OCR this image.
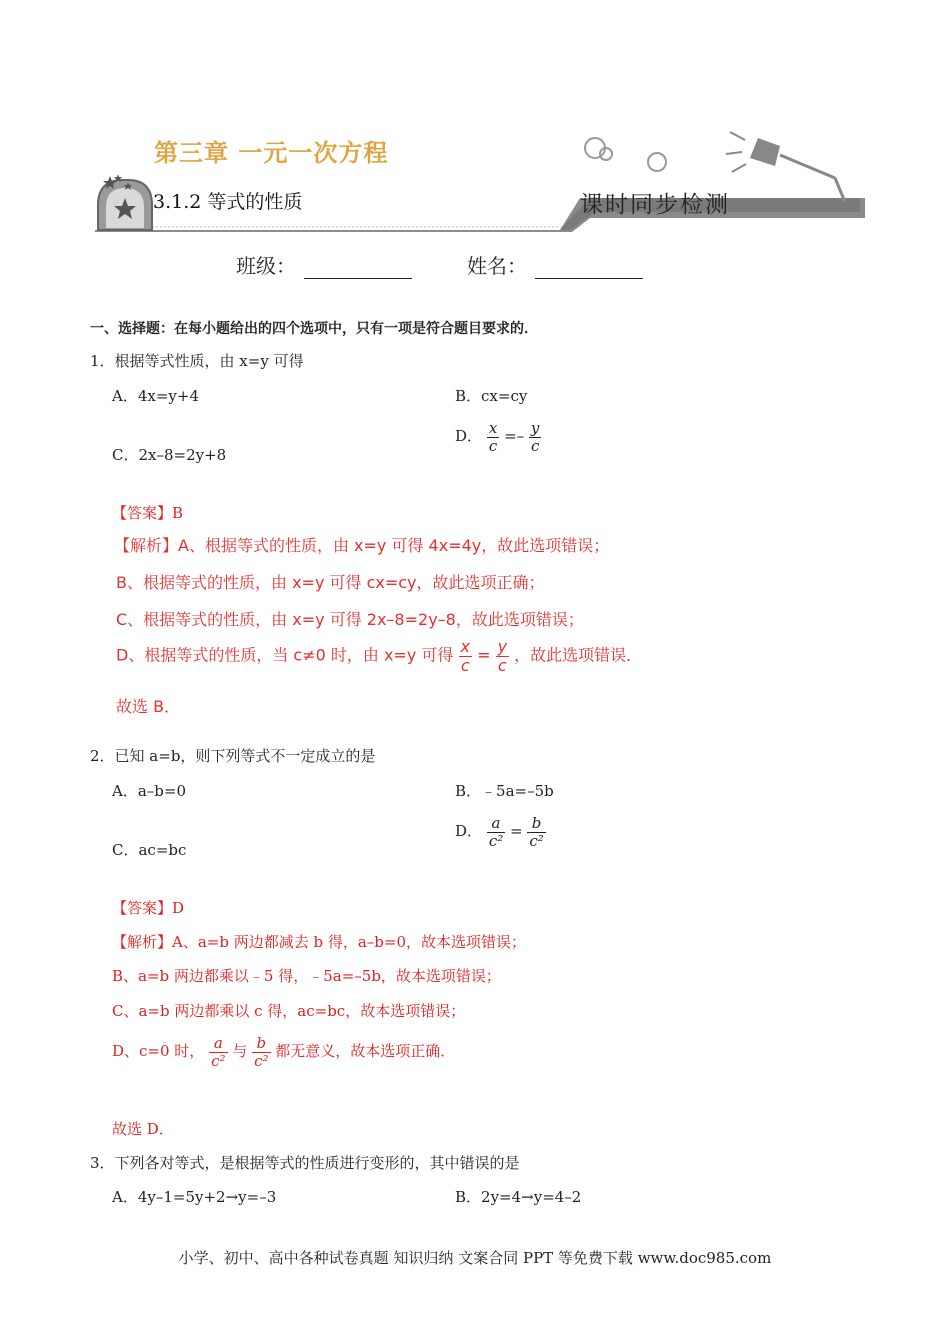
第三章 一元一次方程
3.1.2 等式的性质	课时同步检测
班级：	姓名：
一、选择题：在每小题给出的四个选项中，只有一项是符合题目要求的．
1．根据等式性质，由 x=y 可得
A．4x=y+4	B．cx=cy
C．2x–8=2y+8
D． $\frac{x}{c} =- \frac{y}{c}$
【答案】B
【解析】A、根据等式的性质，由 x=y 可得 4x=4y，故此选项错误；
B、根据等式的性质，由 x=y 可得 cx=cy，故此选项正确；
C、根据等式的性质，由 x=y 可得 2x–8=2y–8，故此选项错误；
D、根据等式的性质，当 c≠0 时，由 x=y 可得 $\frac{x}{c} = \frac{y}{c}$ ，故此选项错误．
故选 B．
2．已知 a=b，则下列等式不一定成立的是
A．a–b=0	B．﹣5a=–5b
C．ac=bc
D． $\frac{a}{\text{c²}} = \frac{b}{\text{c²}}$
【答案】D
【解析】A、a=b 两边都减去 b 得，a–b=0，故本选项错误；
B、a=b 两边都乘以﹣5 得，﹣5a=–5b，故本选项错误；
C、a=b 两边都乘以 c 得，ac=bc，故本选项错误；
D、c=0 时， $\frac{a}{\text{c²}}$ 与 $\frac{b}{\text{c²}}$ 都无意义，故本选项正确．
故选 D．
3．下列各对等式，是根据等式的性质进行变形的，其中错误的是
A．4y–1=5y+2→y=–3	B．2y=4→y=4–2
小学、初中、高中各种试卷真题 知识归纳 文案合同 PPT 等免费下载 www.doc985.com
